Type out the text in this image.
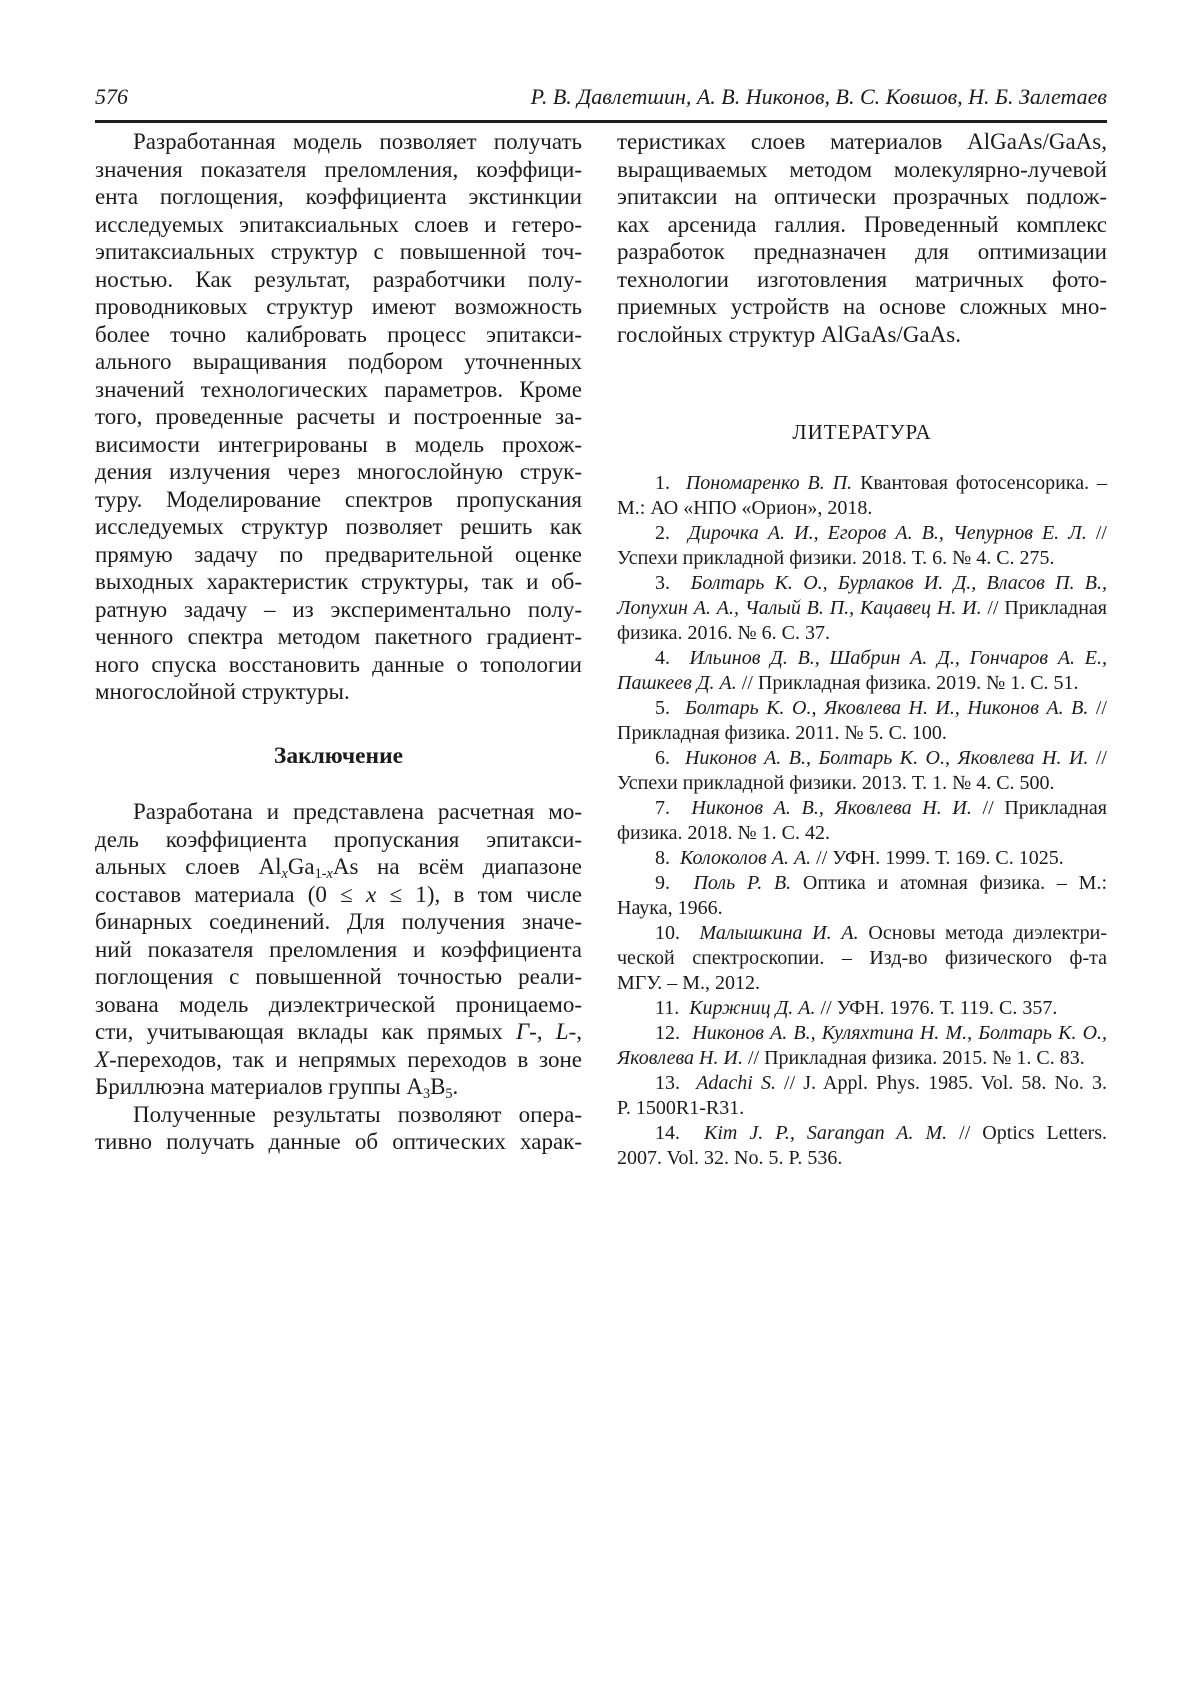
576	Р. В. Давлетшин, А. В. Никонов, В. С. Ковшов, Н. Б. Залетаев
Разработанная модель позволяет получать
значения показателя преломления, коэффици-
ента поглощения, коэффициента экстинкции
исследуемых эпитаксиальных слоев и гетеро-
эпитаксиальных структур с повышенной точ-
ностью. Как результат, разработчики полу-
проводниковых структур имеют возможность
более точно калибровать процесс эпитакси-
ального выращивания подбором уточненных
значений технологических параметров. Кроме
того, проведенные расчеты и построенные за-
висимости интегрированы в модель прохож-
дения излучения через многослойную струк-
туру. Моделирование спектров пропускания
исследуемых структур позволяет решить как
прямую задачу по предварительной оценке
выходных характеристик структуры, так и об-
ратную задачу – из экспериментально полу-
ченного спектра методом пакетного градиент-
ного спуска восстановить данные о топологии
многослойной структуры.
Заключение
Разработана и представлена расчетная мо-
дель коэффициента пропускания эпитакси-
альных слоев $Al_xGa_{1-x}As$ на всём диапазоне
составов материала (0 ≤ x ≤ 1), в том числе
бинарных соединений. Для получения значе-
ний показателя преломления и коэффициента
поглощения с повышенной точностью реали-
зована модель диэлектрической проницаемо-
сти, учитывающая вклады как прямых Γ-, L-,
X-переходов, так и непрямых переходов в зоне
Бриллюэна материалов группы $A_3B_5$.
Полученные результаты позволяют опера-
тивно получать данные об оптических харак-
теристиках слоев материалов AlGaAs/GaAs,
выращиваемых методом молекулярно-лучевой
эпитаксии на оптически прозрачных подлож-
ках арсенида галлия. Проведенный комплекс
разработок предназначен для оптимизации
технологии изготовления матричных фото-
приемных устройств на основе сложных мно-
гослойных структур AlGaAs/GaAs.
ЛИТЕРАТУРА
1.  Пономаренко В. П. Квантовая фотосенсорика. –
М.: АО «НПО «Орион», 2018.
2.  Дирочка А. И., Егоров А. В., Чепурнов Е. Л. //
Успехи прикладной физики. 2018. Т. 6. № 4. С. 275.
3.  Болтарь К. О., Бурлаков И. Д., Власов П. В.,
Лопухин А. А., Чалый В. П., Кацавец Н. И. // Прикладная
физика. 2016. № 6. С. 37.
4.  Ильинов Д. В., Шабрин А. Д., Гончаров А. Е.,
Пашкеев Д. А. // Прикладная физика. 2019. № 1. С. 51.
5.  Болтарь К. О., Яковлева Н. И., Никонов А. В. //
Прикладная физика. 2011. № 5. С. 100.
6.  Никонов А. В., Болтарь К. О., Яковлева Н. И. //
Успехи прикладной физики. 2013. Т. 1. № 4. С. 500.
7.  Никонов А. В., Яковлева Н. И. // Прикладная
физика. 2018. № 1. С. 42.
8.  Колоколов А. А. // УФН. 1999. Т. 169. С. 1025.
9.  Поль Р. В. Оптика и атомная физика. – М.:
Наука, 1966.
10.  Малышкина И. А. Основы метода диэлектри-
ческой спектроскопии. – Изд-во физического ф-та
МГУ. – М., 2012.
11.  Киржниц Д. А. // УФН. 1976. Т. 119. С. 357.
12.  Никонов А. В., Куляхтина Н. М., Болтарь К. О.,
Яковлева Н. И. // Прикладная физика. 2015. № 1. С. 83.
13.  Adachi S. // J. Appl. Phys. 1985. Vol. 58. No. 3.
P. 1500R1-R31.
14.  Kim J. P., Sarangan A. M. // Optics Letters.
2007. Vol. 32. No. 5. P. 536.
